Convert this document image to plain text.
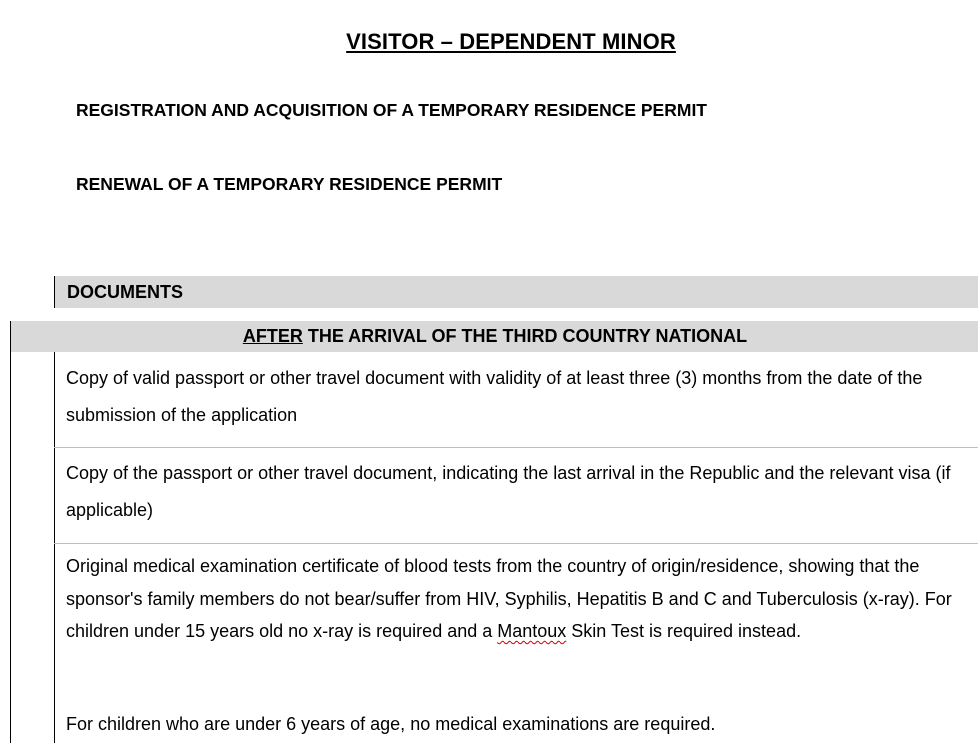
VISITOR – DEPENDENT MINOR
REGISTRATION AND ACQUISITION OF A TEMPORARY RESIDENCE PERMIT
RENEWAL OF A TEMPORARY RESIDENCE PERMIT
DOCUMENTS
AFTER THE ARRIVAL OF THE THIRD COUNTRY NATIONAL
Copy of valid passport or other travel document with validity of at least three (3) months from the date of the submission of the application
Copy of the passport or other travel document, indicating the last arrival in the Republic and the relevant visa (if applicable)
Original medical examination certificate of blood tests from the country of origin/residence, showing that the sponsor's family members do not bear/suffer from HIV, Syphilis, Hepatitis B and C and Tuberculosis (x-ray). For children under 15 years old no x-ray is required and a Mantoux Skin Test is required instead.
For children who are under 6 years of age, no medical examinations are required.
